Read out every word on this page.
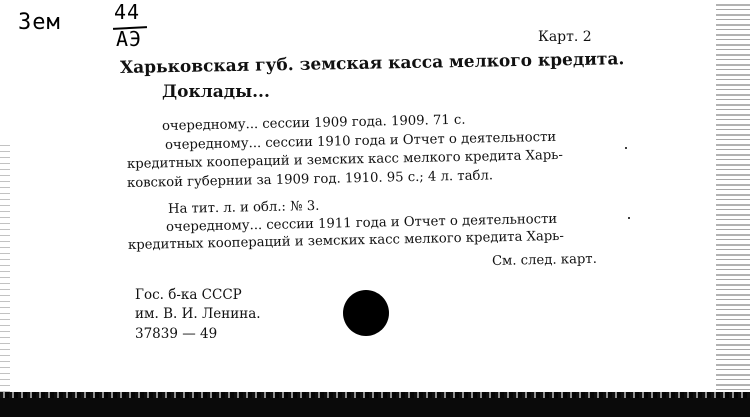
Зем	44
АЭ	Карт. 2
Харьковская губ. земская касса мелкого кредита.
Доклады...
очередному... сессии 1909 года. 1909. 71 с.
очередному... сессии 1910 года и Отчет о деятельности
кредитных коопераций и земских касс мелкого кредита Харь-
ковской губернии за 1909 год. 1910. 95 с.; 4 л. табл.
На тит. л. и обл.: № 3.
очередному... сессии 1911 года и Отчет о деятельности
кредитных коопераций и земских касс мелкого кредита Харь-
См. след. карт.
Гос. б-ка СССР
им. В. И. Ленина.
37839 — 49
